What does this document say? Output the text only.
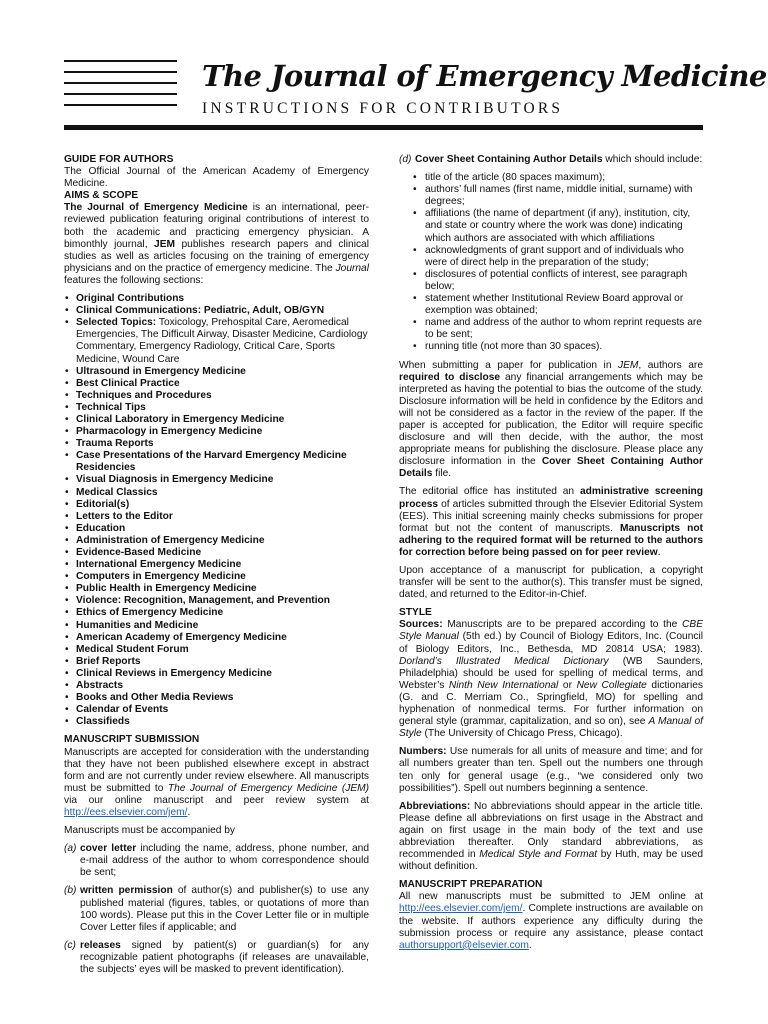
The Journal of Emergency Medicine
INSTRUCTIONS FOR CONTRIBUTORS

GUIDE FOR AUTHORS

The Official Journal of the American Academy of Emergency Medicine.

AIMS & SCOPE

The Journal of Emergency Medicine is an international, peer-reviewed publication featuring original contributions of interest to both the academic and practicing emergency physician. A bimonthly journal, JEM publishes research papers and clinical studies as well as articles focusing on the training of emergency physicians and on the practice of emergency medicine. The Journal features the following sections:

• Original Contributions
• Clinical Communications: Pediatric, Adult, OB/GYN
• Selected Topics: Toxicology, Prehospital Care, Aeromedical Emergencies, The Difficult Airway, Disaster Medicine, Cardiology Commentary, Emergency Radiology, Critical Care, Sports Medicine, Wound Care
• Ultrasound in Emergency Medicine
• Best Clinical Practice
• Techniques and Procedures
• Technical Tips
• Clinical Laboratory in Emergency Medicine
• Pharmacology in Emergency Medicine
• Trauma Reports
• Case Presentations of the Harvard Emergency Medicine Residencies
• Visual Diagnosis in Emergency Medicine
• Medical Classics
• Editorial(s)
• Letters to the Editor
• Education
• Administration of Emergency Medicine
• Evidence-Based Medicine
• International Emergency Medicine
• Computers in Emergency Medicine
• Public Health in Emergency Medicine
• Violence: Recognition, Management, and Prevention
• Ethics of Emergency Medicine
• Humanities and Medicine
• American Academy of Emergency Medicine
• Medical Student Forum
• Brief Reports
• Clinical Reviews in Emergency Medicine
• Abstracts
• Books and Other Media Reviews
• Calendar of Events
• Classifieds

MANUSCRIPT SUBMISSION

Manuscripts are accepted for consideration with the understanding that they have not been published elsewhere except in abstract form and are not currently under review elsewhere. All manuscripts must be submitted to The Journal of Emergency Medicine (JEM) via our online manuscript and peer review system at http://ees.elsevier.com/jem/.

Manuscripts must be accompanied by

(a) cover letter including the name, address, phone number, and e-mail address of the author to whom correspondence should be sent;
(b) written permission of author(s) and publisher(s) to use any published material (figures, tables, or quotations of more than 100 words). Please put this in the Cover Letter file or in multiple Cover Letter files if applicable; and
(c) releases signed by patient(s) or guardian(s) for any recognizable patient photographs (if releases are unavailable, the subjects’ eyes will be masked to prevent identification).
(d) Cover Sheet Containing Author Details which should include:
• title of the article (80 spaces maximum);
• authors’ full names (first name, middle initial, surname) with degrees;
• affiliations (the name of department (if any), institution, city, and state or country where the work was done) indicating which authors are associated with which affiliations
• acknowledgments of grant support and of individuals who were of direct help in the preparation of the study;
• disclosures of potential conflicts of interest, see paragraph below;
• statement whether Institutional Review Board approval or exemption was obtained;
• name and address of the author to whom reprint requests are to be sent;
• running title (not more than 30 spaces).

When submitting a paper for publication in JEM, authors are required to disclose any financial arrangements which may be interpreted as having the potential to bias the outcome of the study. Disclosure information will be held in confidence by the Editors and will not be considered as a factor in the review of the paper. If the paper is accepted for publication, the Editor will require specific disclosure and will then decide, with the author, the most appropriate means for publishing the disclosure. Please place any disclosure information in the Cover Sheet Containing Author Details file.

The editorial office has instituted an administrative screening process of articles submitted through the Elsevier Editorial System (EES). This initial screening mainly checks submissions for proper format but not the content of manuscripts. Manuscripts not adhering to the required format will be returned to the authors for correction before being passed on for peer review.

Upon acceptance of a manuscript for publication, a copyright transfer will be sent to the author(s). This transfer must be signed, dated, and returned to the Editor-in-Chief.

STYLE

Sources: Manuscripts are to be prepared according to the CBE Style Manual (5th ed.) by Council of Biology Editors, Inc. (Council of Biology Editors, Inc., Bethesda, MD 20814 USA; 1983). Dorland’s Illustrated Medical Dictionary (WB Saunders, Philadelphia) should be used for spelling of medical terms, and Webster’s Ninth New International or New Collegiate dictionaries (G. and C. Merriam Co., Springfield, MO) for spelling and hyphenation of nonmedical terms. For further information on general style (grammar, capitalization, and so on), see A Manual of Style (The University of Chicago Press, Chicago).

Numbers: Use numerals for all units of measure and time; and for all numbers greater than ten. Spell out the numbers one through ten only for general usage (e.g., “we considered only two possibilities”). Spell out numbers beginning a sentence.

Abbreviations: No abbreviations should appear in the article title. Please define all abbreviations on first usage in the Abstract and again on first usage in the main body of the text and use abbreviation thereafter. Only standard abbreviations, as recommended in Medical Style and Format by Huth, may be used without definition.

MANUSCRIPT PREPARATION

All new manuscripts must be submitted to JEM online at http://ees.elsevier.com/jem/. Complete instructions are available on the website. If authors experience any difficulty during the submission process or require any assistance, please contact authorsupport@elsevier.com.
